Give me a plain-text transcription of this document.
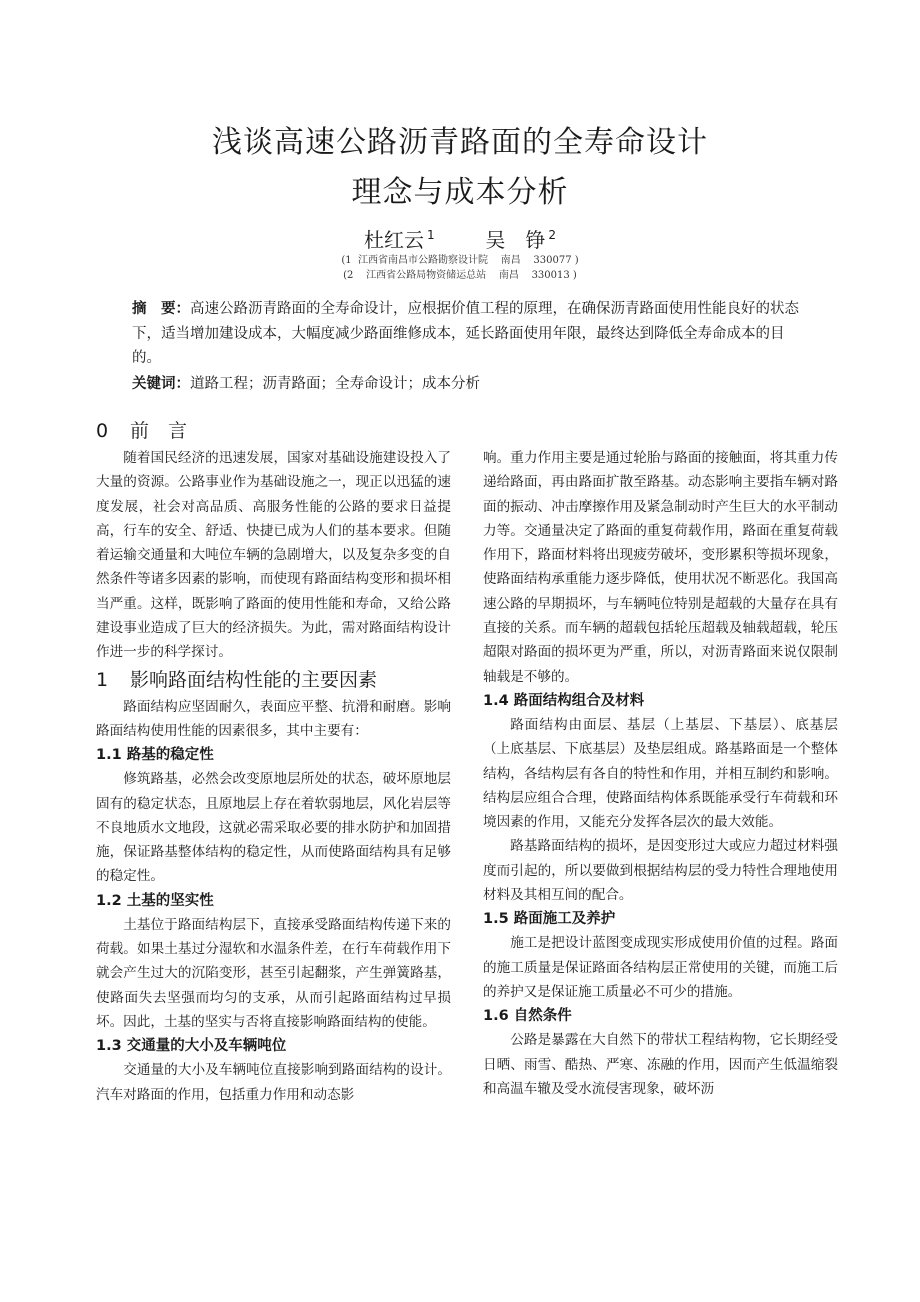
浅谈高速公路沥青路面的全寿命设计
理念与成本分析
杜红云 $^1$	吴　铮 $^2$
(1  江西省南昌市公路勘察设计院    南昌    330077 )
(2    江西省公路局物资储运总站    南昌    330013 )
摘　要：高速公路沥青路面的全寿命设计，应根据价值工程的原理，在确保沥青路面使用性能良好的状态下，适当增加建设成本，大幅度减少路面维修成本，延长路面使用年限，最终达到降低全寿命成本的目的。
关键词：道路工程；沥青路面；全寿命设计；成本分析
0 前　言

随着国民经济的迅速发展，国家对基础设施建设投入了大量的资源。公路事业作为基础设施之一，现正以迅猛的速度发展，社会对高品质、高服务性能的公路的要求日益提高，行车的安全、舒适、快捷已成为人们的基本要求。但随着运输交通量和大吨位车辆的急剧增大，以及复杂多变的自然条件等诸多因素的影响，而使现有路面结构变形和损坏相当严重。这样，既影响了路面的使用性能和寿命，又给公路建设事业造成了巨大的经济损失。为此，需对路面结构设计作进一步的科学探讨。

1 影响路面结构性能的主要因素

路面结构应坚固耐久，表面应平整、抗滑和耐磨。影响路面结构使用性能的因素很多，其中主要有：

1.1 路基的稳定性

修筑路基，必然会改变原地层所处的状态，破坏原地层固有的稳定状态，且原地层上存在着软弱地层，风化岩层等不良地质水文地段，这就必需采取必要的排水防护和加固措施，保证路基整体结构的稳定性，从而使路面结构具有足够的稳定性。

1.2 土基的坚实性

土基位于路面结构层下，直接承受路面结构传递下来的荷载。如果土基过分湿软和水温条件差，在行车荷载作用下就会产生过大的沉陷变形，甚至引起翻浆，产生弹簧路基，使路面失去坚强而均匀的支承，从而引起路面结构过早损坏。因此，土基的坚实与否将直接影响路面结构的使能。

1.3 交通量的大小及车辆吨位

交通量的大小及车辆吨位直接影响到路面结构的设计。汽车对路面的作用，包括重力作用和动态影

响。重力作用主要是通过轮胎与路面的接触面，将其重力传递给路面，再由路面扩散至路基。动态影响主要指车辆对路面的振动、冲击摩擦作用及紧急制动时产生巨大的水平制动力等。交通量决定了路面的重复荷载作用，路面在重复荷载作用下，路面材料将出现疲劳破坏，变形累积等损坏现象，使路面结构承重能力逐步降低，使用状况不断恶化。我国高速公路的早期损坏，与车辆吨位特别是超载的大量存在具有直接的关系。而车辆的超载包括轮压超载及轴载超载，轮压超限对路面的损坏更为严重，所以，对沥青路面来说仅限制轴载是不够的。

1.4 路面结构组合及材料

路面结构由面层、基层（上基层、下基层）、底基层（上底基层、下底基层）及垫层组成。路基路面是一个整体结构，各结构层有各自的特性和作用，并相互制约和影响。结构层应组合合理，使路面结构体系既能承受行车荷载和环境因素的作用，又能充分发挥各层次的最大效能。

路基路面结构的损坏，是因变形过大或应力超过材料强度而引起的，所以要做到根据结构层的受力特性合理地使用材料及其相互间的配合。

1.5 路面施工及养护

施工是把设计蓝图变成现实形成使用价值的过程。路面的施工质量是保证路面各结构层正常使用的关键，而施工后的养护又是保证施工质量必不可少的措施。

1.6 自然条件

公路是暴露在大自然下的带状工程结构物，它长期经受日晒、雨雪、酷热、严寒、冻融的作用，因而产生低温缩裂和高温车辙及受水流侵害现象，破坏沥
